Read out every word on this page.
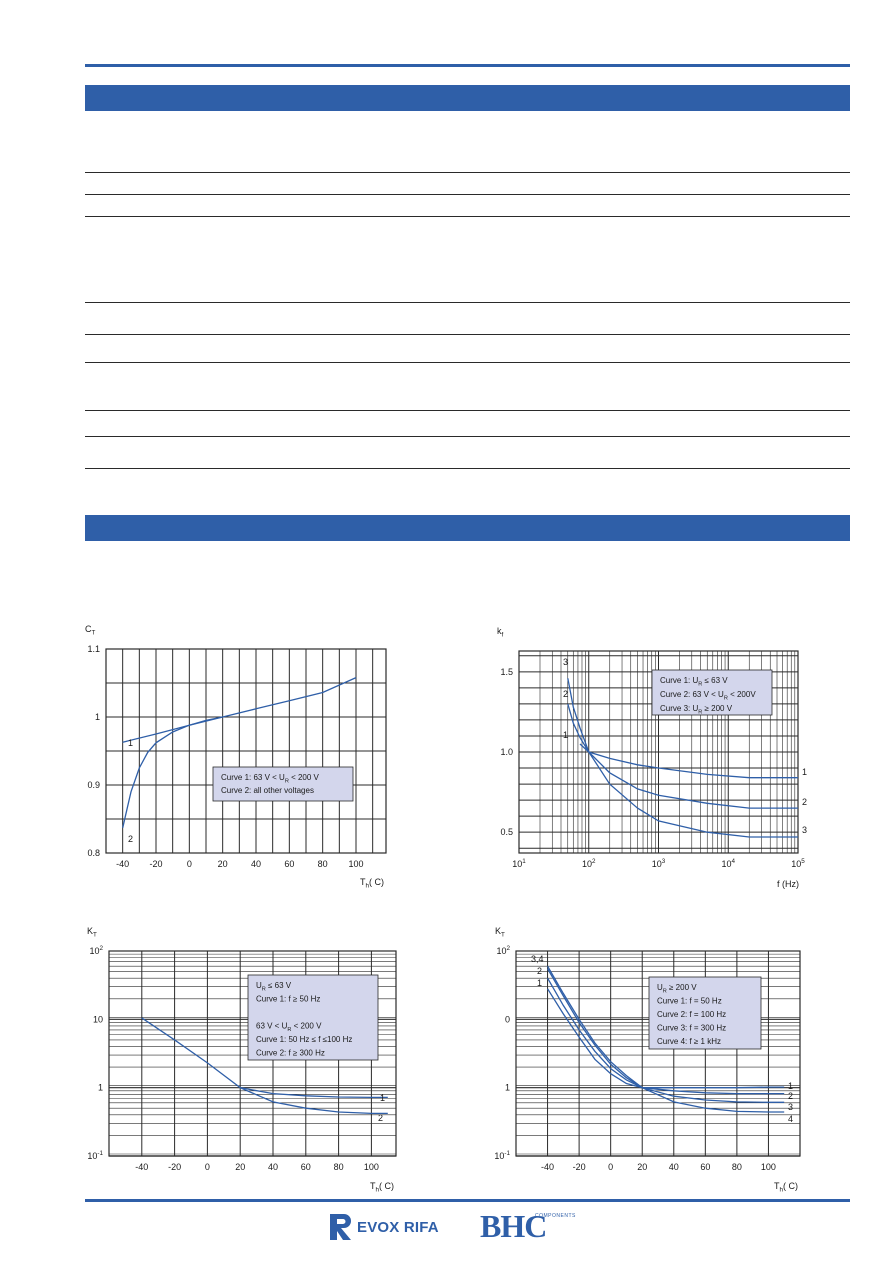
-40 -20	0	20	40	60	80 100
0.8
0.9
1
1.1
$C_T$
$T_h$( C)
1
2
Curve 1: 63 $V < U_R < 200$ V
Curve 2: all other voltages
$10^1$	$10^2$	$10^3$	$10^4$	$10^5$
0.5
1.0
1.5
$k_f$
f (Hz)
3
2
1
1
2
3
Curve 1: $U_R \le 63$ V
Curve 2: 63 $V < U_R < 200V$
Curve 3: $U_R \ge 200$ V
-40 -20	0	20	40	60	80 100
$10^{-1}$
1
10
$10^2$
$K_T$
$T_h$( C)
1
2
$U_R \le 63$ V
Curve 1: f ≥ 50 Hz
63 $V < U_R < 200$ V
Curve 1: 50 Hz ≤ f ≤100 Hz
Curve 2: f ≥ 300 Hz
-40 -20	0	20 40 60 80 100
$10^{-1}$
1
0
$10^2$
$K_T$
$T_h$( C)
3,4
2
1
1
2
3
4
$U_R \ge 200$ V
Curve 1: f = 50 Hz
Curve 2: f = 100 Hz
Curve 3: f = 300 Hz
Curve 4: f ≥ 1 kHz
EVOX RIFA BHC
COMPONENTS
